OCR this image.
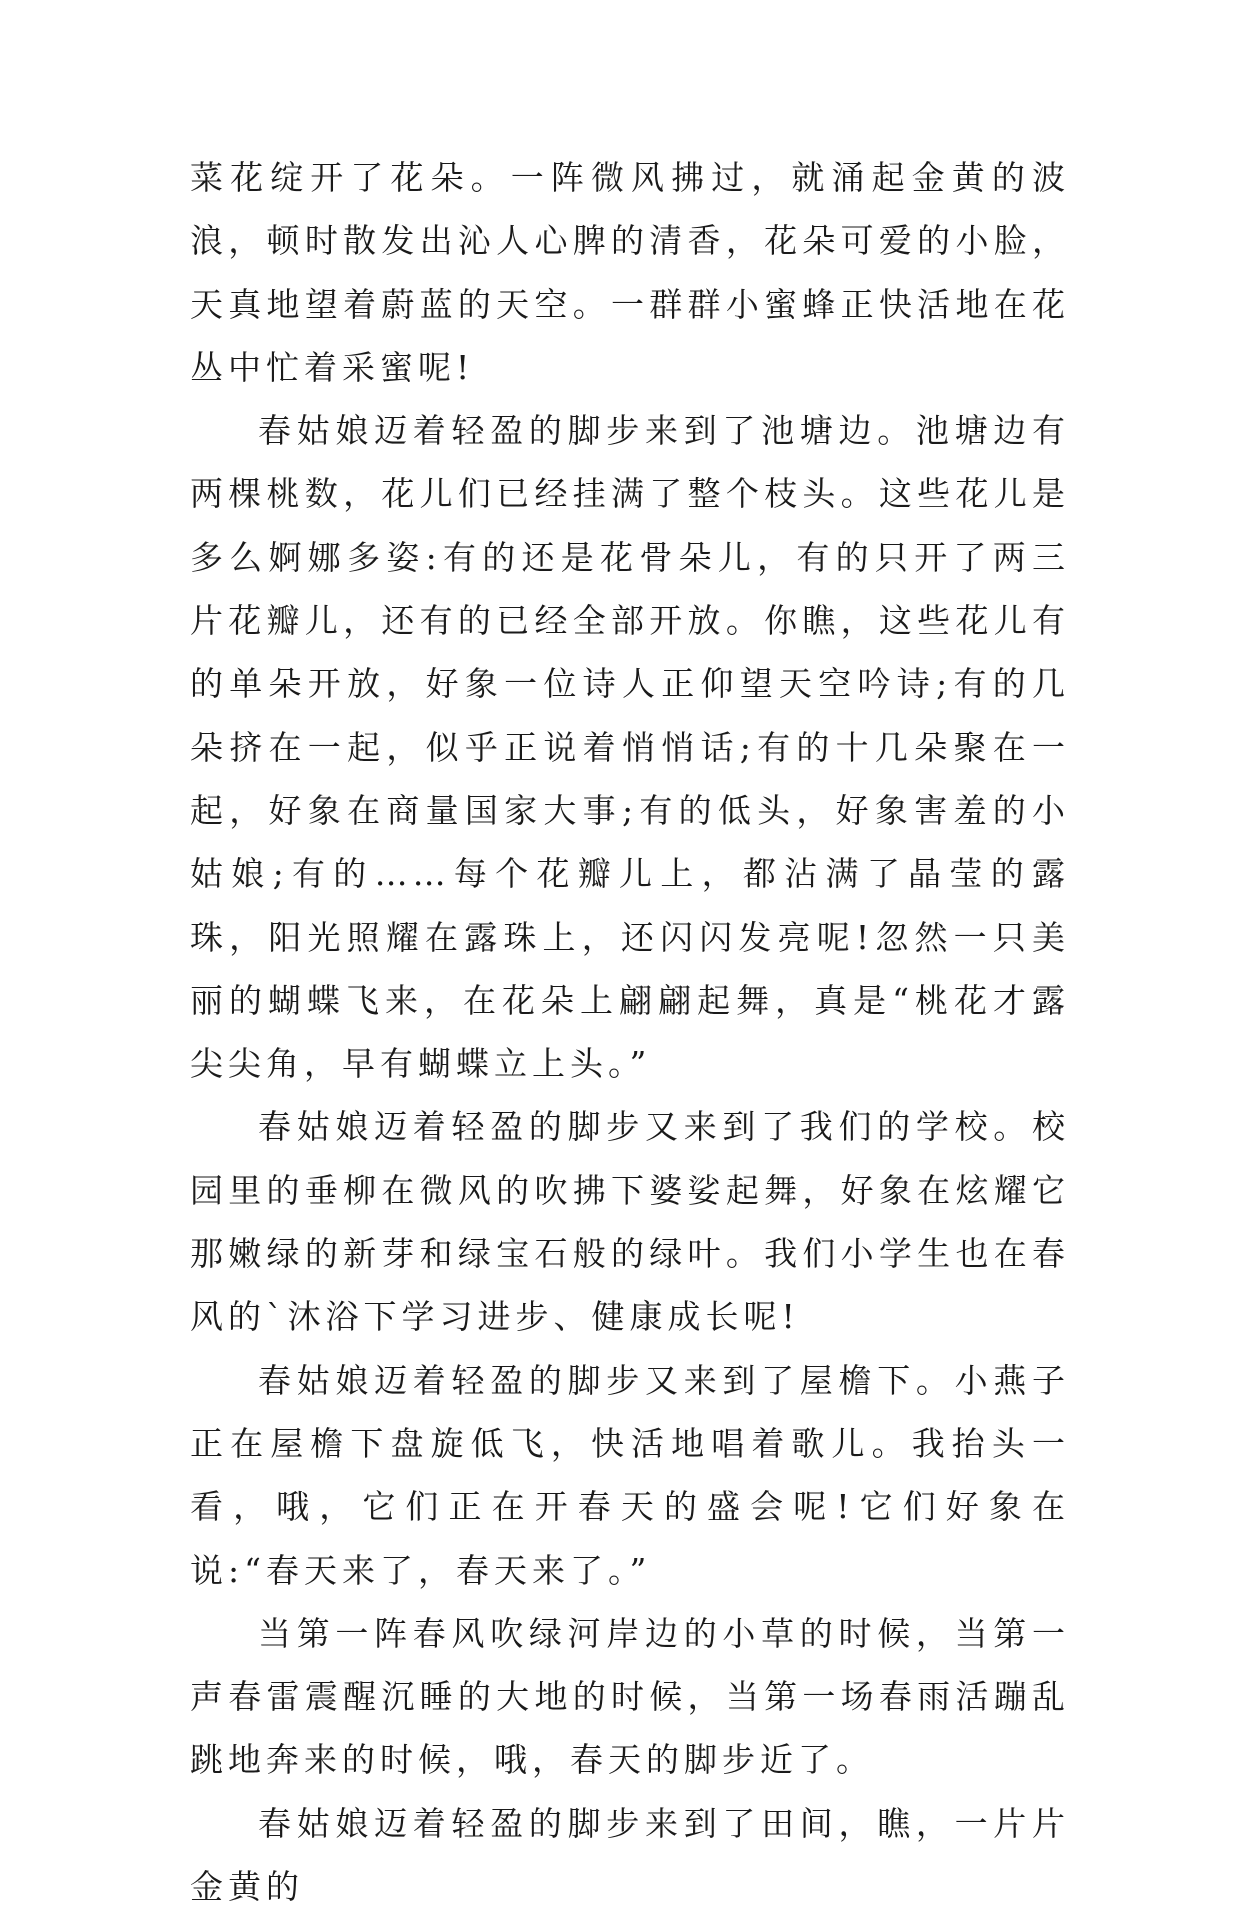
菜花绽开了花朵。一阵微风拂过，就涌起金黄的波浪，顿时散发出沁人心脾的清香，花朵可爱的小脸，天真地望着蔚蓝的天空。一群群小蜜蜂正快活地在花丛中忙着采蜜呢!

春姑娘迈着轻盈的脚步来到了池塘边。池塘边有两棵桃数，花儿们已经挂满了整个枝头。这些花儿是多么婀娜多姿:有的还是花骨朵儿，有的只开了两三片花瓣儿，还有的已经全部开放。你瞧，这些花儿有的单朵开放，好象一位诗人正仰望天空吟诗;有的几朵挤在一起，似乎正说着悄悄话;有的十几朵聚在一起，好象在商量国家大事;有的低头，好象害羞的小姑娘;有的……每个花瓣儿上，都沾满了晶莹的露珠，阳光照耀在露珠上，还闪闪发亮呢!忽然一只美丽的蝴蝶飞来，在花朵上翩翩起舞，真是“桃花才露尖尖角，早有蝴蝶立上头。”

春姑娘迈着轻盈的脚步又来到了我们的学校。校园里的垂柳在微风的吹拂下婆娑起舞，好象在炫耀它那嫩绿的新芽和绿宝石般的绿叶。我们小学生也在春风的`沐浴下学习进步、健康成长呢!

春姑娘迈着轻盈的脚步又来到了屋檐下。小燕子正在屋檐下盘旋低飞，快活地唱着歌儿。我抬头一看，哦，它们正在开春天的盛会呢!它们好象在说:“春天来了，春天来了。”

当第一阵春风吹绿河岸边的小草的时候，当第一声春雷震醒沉睡的大地的时候，当第一场春雨活蹦乱跳地奔来的时候，哦，春天的脚步近了。

春姑娘迈着轻盈的脚步来到了田间，瞧，一片片金黄的
